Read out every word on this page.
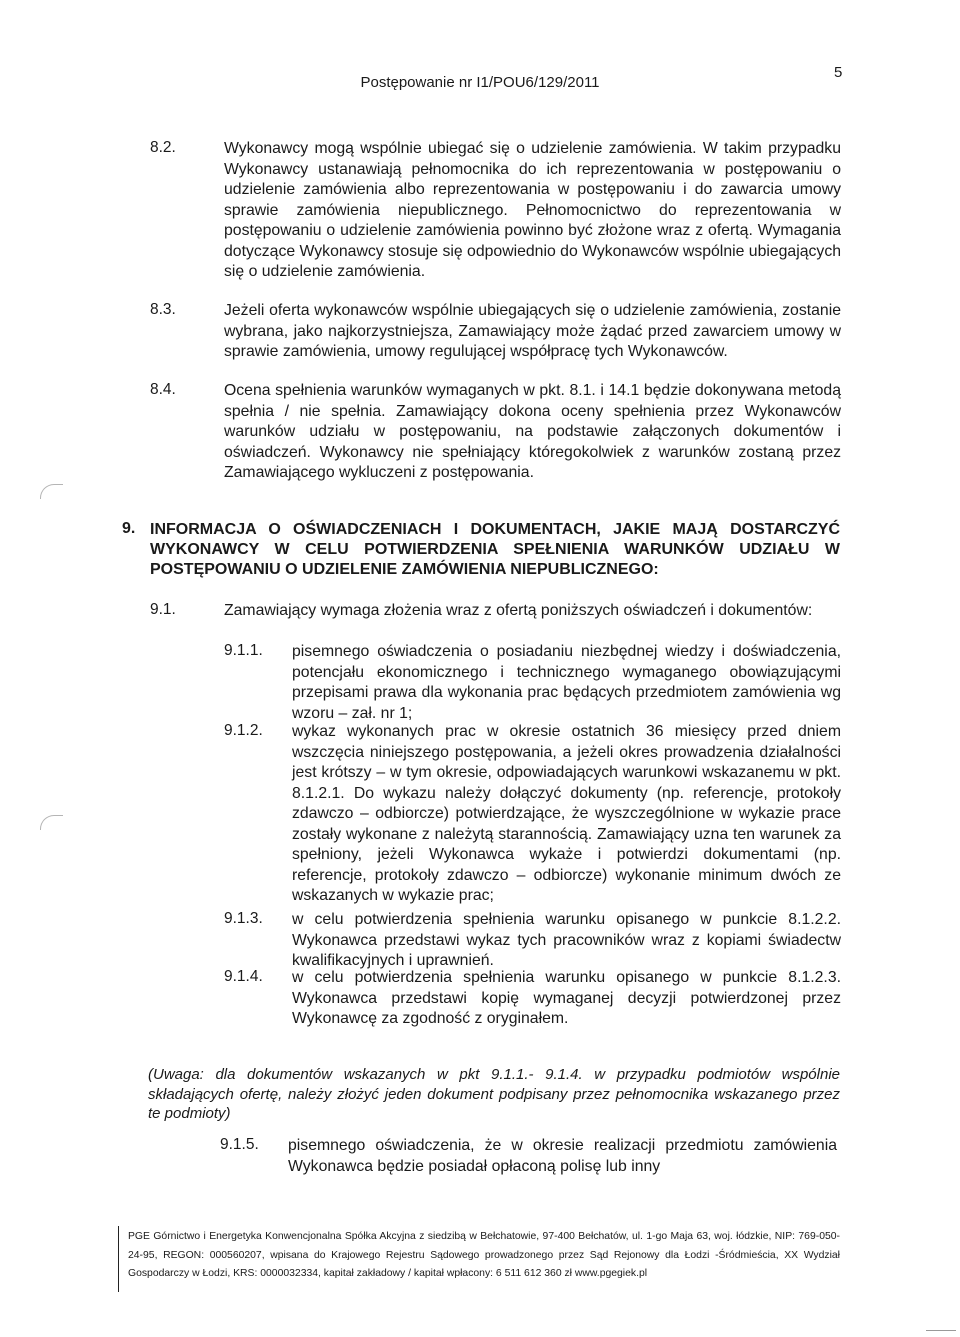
Postępowanie nr I1/POU6/129/2011
5
8.2.	Wykonawcy mogą wspólnie ubiegać się o udzielenie zamówienia. W takim przypadku Wykonawcy ustanawiają pełnomocnika do ich reprezentowania w postępowaniu o udzielenie zamówienia albo reprezentowania w postępowaniu i do zawarcia umowy sprawie zamówienia niepublicznego. Pełnomocnictwo do reprezentowania w postępowaniu o udzielenie zamówienia powinno być złożone wraz z ofertą. Wymagania dotyczące Wykonawcy stosuje się odpowiednio do Wykonawców wspólnie ubiegających się o udzielenie zamówienia.

8.3.	Jeżeli oferta wykonawców wspólnie ubiegających się o udzielenie zamówienia, zostanie wybrana, jako najkorzystniejsza, Zamawiający może żądać przed zawarciem umowy w sprawie zamówienia, umowy regulującej współpracę tych Wykonawców.

8.4.	Ocena spełnienia warunków wymaganych w pkt. 8.1. i 14.1 będzie dokonywana metodą spełnia / nie spełnia. Zamawiający dokona oceny spełnienia przez Wykonawców warunków udziału w postępowaniu, na podstawie załączonych dokumentów i oświadczeń. Wykonawcy nie spełniający któregokolwiek z warunków zostaną przez Zamawiającego wykluczeni z postępowania.

9. INFORMACJA O OŚWIADCZENIACH I DOKUMENTACH, JAKIE MAJĄ DOSTARCZYĆ WYKONAWCY W CELU POTWIERDZENIA SPEŁNIENIA WARUNKÓW UDZIAŁU W POSTĘPOWANIU O UDZIELENIE ZAMÓWIENIA NIEPUBLICZNEGO:

9.1.	Zamawiający wymaga złożenia wraz z ofertą poniższych oświadczeń i dokumentów:

9.1.1. pisemnego oświadczenia o posiadaniu niezbędnej wiedzy i doświadczenia, potencjału ekonomicznego i technicznego wymaganego obowiązującymi przepisami prawa dla wykonania prac będących przedmiotem zamówienia wg wzoru – zał. nr 1;

9.1.2. wykaz wykonanych prac w okresie ostatnich 36 miesięcy przed dniem wszczęcia niniejszego postępowania, a jeżeli okres prowadzenia działalności jest krótszy – w tym okresie, odpowiadających warunkowi wskazanemu w pkt. 8.1.2.1. Do wykazu należy dołączyć dokumenty (np. referencje, protokoły zdawczo – odbiorcze) potwierdzające, że wyszczególnione w wykazie prace zostały wykonane z należytą starannością. Zamawiający uzna ten warunek za spełniony, jeżeli Wykonawca wykaże i potwierdzi dokumentami (np. referencje, protokoły zdawczo – odbiorcze) wykonanie minimum dwóch ze wskazanych w wykazie prac;

9.1.3. w celu potwierdzenia spełnienia warunku opisanego w punkcie 8.1.2.2. Wykonawca przedstawi wykaz tych pracowników wraz z kopiami świadectw kwalifikacyjnych i uprawnień.

9.1.4. w celu potwierdzenia spełnienia warunku opisanego w punkcie 8.1.2.3. Wykonawca przedstawi kopię wymaganej decyzji potwierdzonej przez Wykonawcę za zgodność z oryginałem.

(Uwaga: dla dokumentów wskazanych w pkt 9.1.1.- 9.1.4. w przypadku podmiotów wspólnie składających ofertę, należy złożyć jeden dokument podpisany przez pełnomocnika wskazanego przez te podmioty)

9.1.5. pisemnego oświadczenia, że w okresie realizacji przedmiotu zamówienia Wykonawca będzie posiadał opłaconą polisę lub inny

PGE Górnictwo i Energetyka Konwencjonalna Spółka Akcyjna z siedzibą w Bełchatowie, 97-400 Bełchatów, ul. 1-go Maja 63, woj. łódzkie, NIP: 769-050-24-95, REGON: 000560207, wpisana do Krajowego Rejestru Sądowego prowadzonego przez Sąd Rejonowy dla Łodzi -Śródmieścia, XX Wydział Gospodarczy w Łodzi, KRS: 0000032334, kapitał zakładowy / kapitał wpłacony: 6 511 612 360 zł www.pgegiek.pl
